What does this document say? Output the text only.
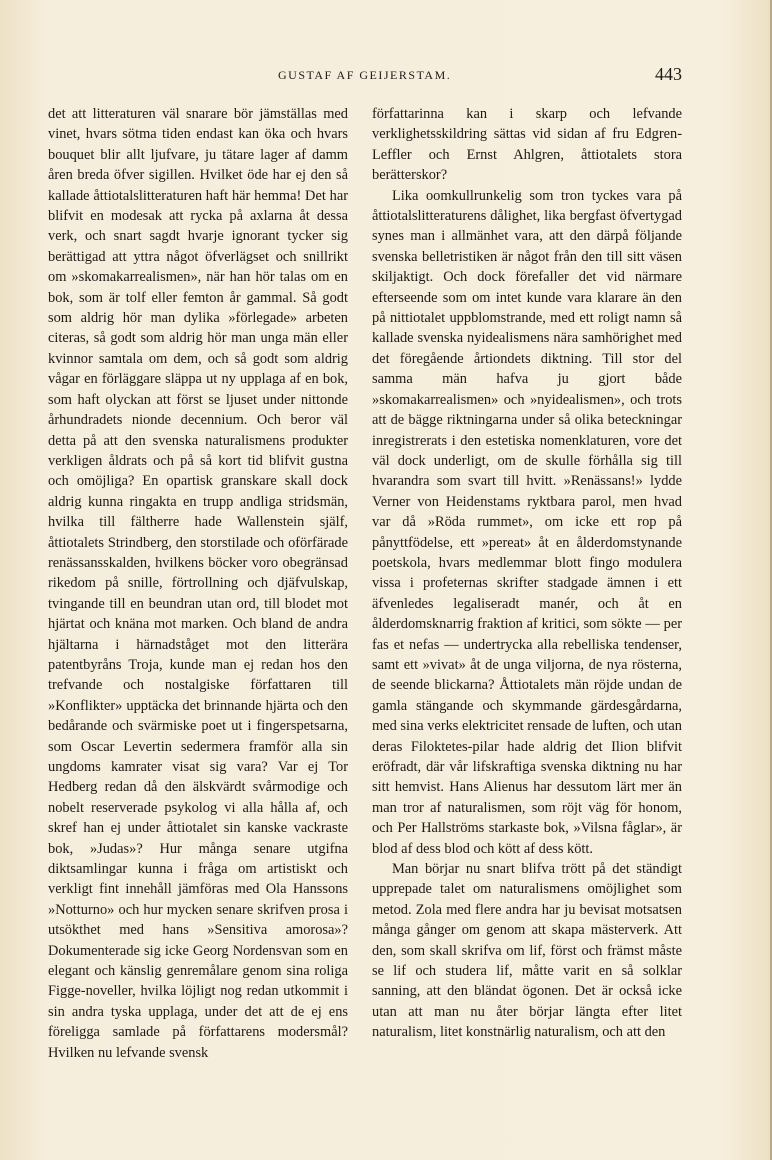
GUSTAF AF GEIJERSTAM.	443

det att litteraturen väl snarare bör jämställas med vinet, hvars sötma tiden endast kan öka och hvars bouquet blir allt ljufvare, ju tätare lager af damm åren breda öfver sigillen. Hvilket öde har ej den så kallade åttiotalslitteraturen haft här hemma! Det har blifvit en modesak att rycka på axlarna åt dessa verk, och snart sagdt hvarje ignorant tycker sig berättigad att yttra något öfverlägset och snillrikt om »skomakarrealismen», när han hör talas om en bok, som är tolf eller femton år gammal. Så godt som aldrig hör man dylika »förlegade» arbeten citeras, så godt som aldrig hör man unga män eller kvinnor samtala om dem, och så godt som aldrig vågar en förläggare släppa ut ny upplaga af en bok, som haft olyckan att först se ljuset under nittonde århundradets nionde decennium. Och beror väl detta på att den svenska naturalismens produkter verkligen åldrats och på så kort tid blifvit gustna och omöjliga? En opartisk granskare skall dock aldrig kunna ringakta en trupp andliga stridsmän, hvilka till fältherre hade Wallenstein själf, åttiotalets Strindberg, den storstilade och oförfärade renässansskalden, hvilkens böcker voro obegränsad rikedom på snille, förtrollning och djäfvulskap, tvingande till en beundran utan ord, till blodet mot hjärtat och knäna mot marken. Och bland de andra hjältarna i härnadståget mot den litterära patentbyråns Troja, kunde man ej redan hos den trefvande och nostalgiske författaren till »Konflikter» upptäcka det brinnande hjärta och den bedårande och svärmiske poet ut i fingerspetsarna, som Oscar Levertin sedermera framför alla sin ungdoms kamrater visat sig vara? Var ej Tor Hedberg redan då den älskvärdt svårmodige och nobelt reserverade psykolog vi alla hålla af, och skref han ej under åttiotalet sin kanske vackraste bok, »Judas»? Hur många senare utgifna diktsamlingar kunna i fråga om artistiskt och verkligt fint innehåll jämföras med Ola Hanssons »Notturno» och hur mycken senare skrifven prosa i utsökthet med hans »Sensitiva amorosa»? Dokumenterade sig icke Georg Nordensvan som en elegant och känslig genremålare genom sina roliga Figge-noveller, hvilka löjligt nog redan utkommit i sin andra tyska upplaga, under det att de ej ens föreligga samlade på författarens modersmål? Hvilken nu lefvande svensk

författarinna kan i skarp och lefvande verklighetsskildring sättas vid sidan af fru Edgren-Leffler och Ernst Ahlgren, åttiotalets stora berätterskor?

Lika oomkullrunkelig som tron tyckes vara på åttiotalslitteraturens dålighet, lika bergfast öfvertygad synes man i allmänhet vara, att den därpå följande svenska belletristiken är något från den till sitt väsen skiljaktigt. Och dock förefaller det vid närmare efterseende som om intet kunde vara klarare än den på nittiotalet uppblomstrande, med ett roligt namn så kallade svenska nyidealismens nära samhörighet med det föregående årtiondets diktning. Till stor del samma män hafva ju gjort både »skomakarrealismen» och »nyidealismen», och trots att de bägge riktningarna under så olika beteckningar inregistrerats i den estetiska nomenklaturen, vore det väl dock underligt, om de skulle förhålla sig till hvarandra som svart till hvitt. »Renässans!» lydde Verner von Heidenstams ryktbara parol, men hvad var då »Röda rummet», om icke ett rop på pånyttfödelse, ett »pereat» åt en ålderdomstynande poetskola, hvars medlemmar blott fingo modulera vissa i profeternas skrifter stadgade ämnen i ett äfvenledes legaliseradt manér, och åt en ålderdomsknarrig fraktion af kritici, som sökte — per fas et nefas — undertrycka alla rebelliska tendenser, samt ett »vivat» åt de unga viljorna, de nya rösterna, de seende blickarna? Åttiotalets män röjde undan de gamla stängande och skymmande gärdesgårdarna, med sina verks elektricitet rensade de luften, och utan deras Filoktetes-pilar hade aldrig det Ilion blifvit eröfradt, där vår lifskraftiga svenska diktning nu har sitt hemvist. Hans Alienus har dessutom lärt mer än man tror af naturalismen, som röjt väg för honom, och Per Hallströms starkaste bok, »Vilsna fåglar», är blod af dess blod och kött af dess kött.

Man börjar nu snart blifva trött på det ständigt upprepade talet om naturalismens omöjlighet som metod. Zola med flere andra har ju bevisat motsatsen många gånger om genom att skapa mästerverk. Att den, som skall skrifva om lif, först och främst måste se lif och studera lif, måtte varit en så solklar sanning, att den bländat ögonen. Det är också icke utan att man nu åter börjar längta efter litet naturalism, litet konstnärlig naturalism, och att den
